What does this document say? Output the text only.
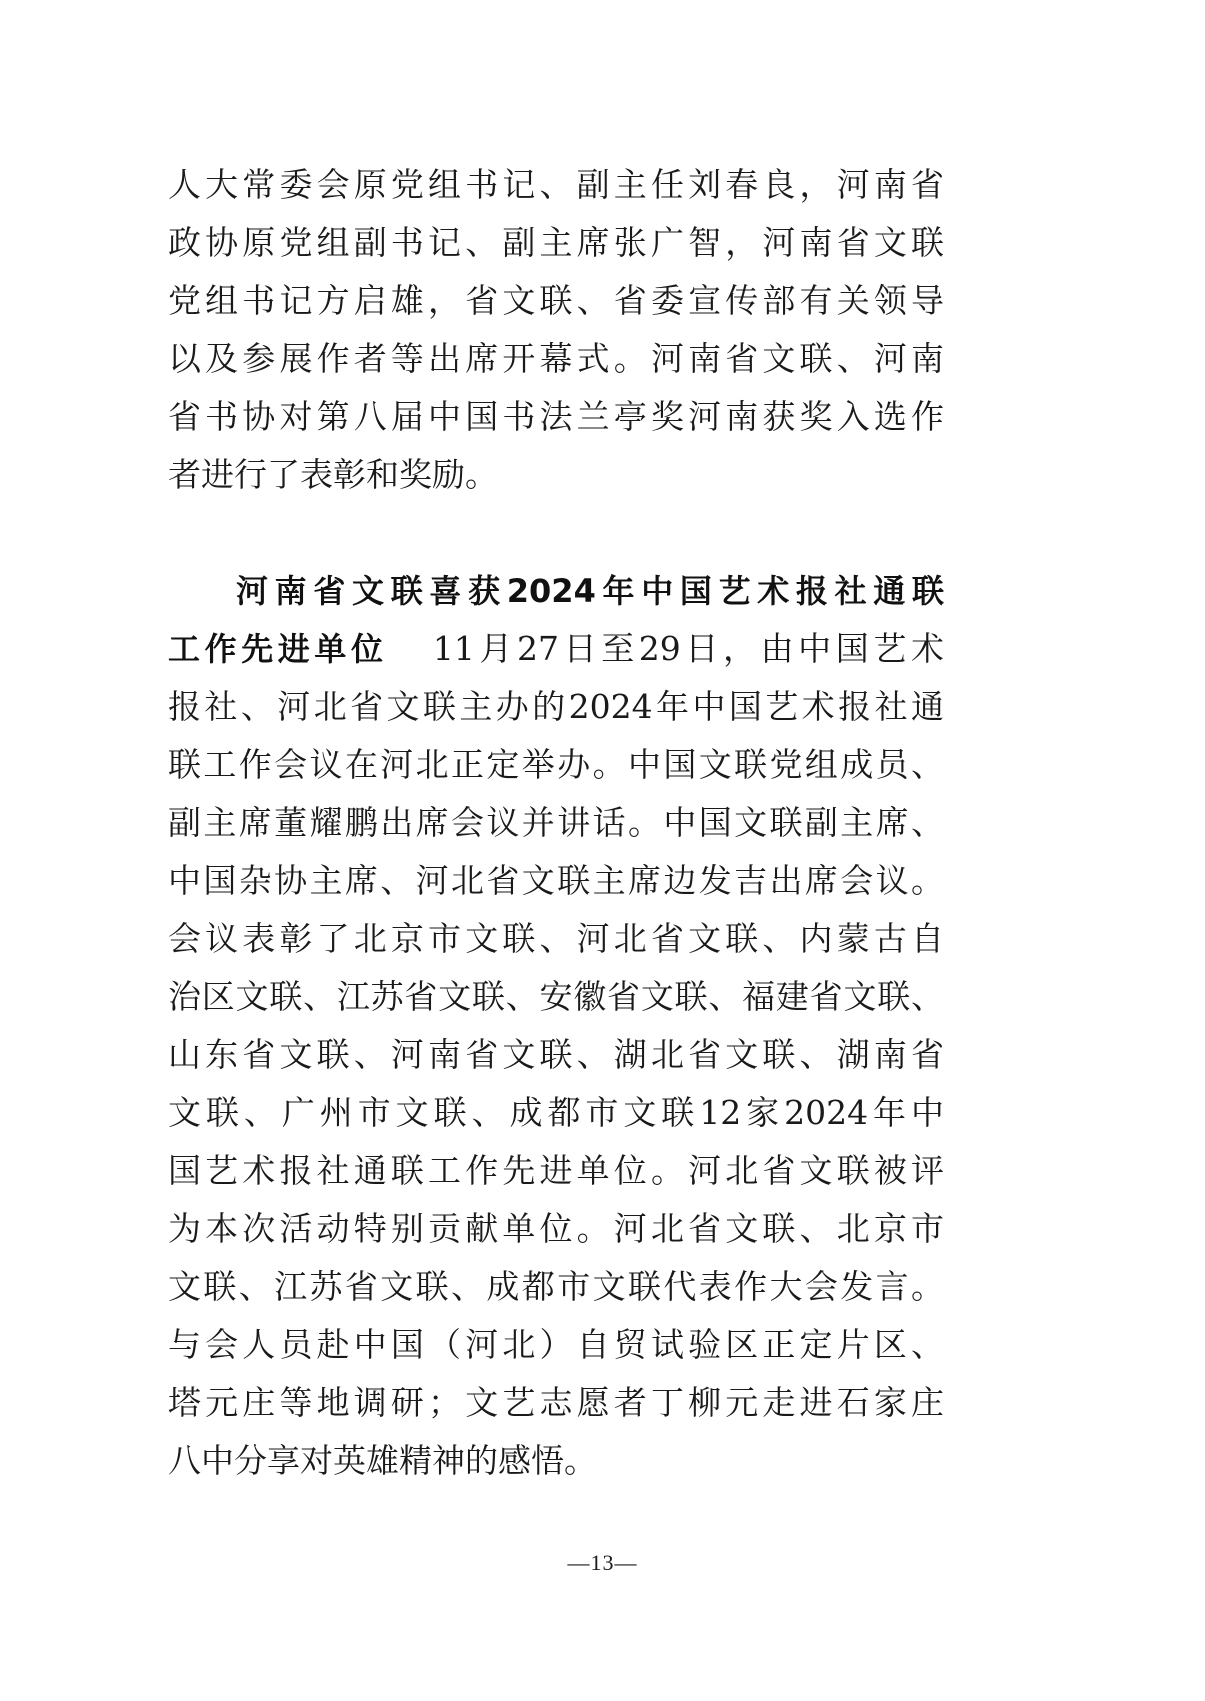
人大常委会原党组书记、副主任刘春良，河南省
政协原党组副书记、副主席张广智，河南省文联
党组书记方启雄，省文联、省委宣传部有关领导
以及参展作者等出席开幕式。河南省文联、河南
省书协对第八届中国书法兰亭奖河南获奖入选作
者进行了表彰和奖励。
河南省文联喜获2024年中国艺术报社通联
工作先进单位 11月27日至29日，由中国艺术
报社、河北省文联主办的2024年中国艺术报社通
联工作会议在河北正定举办。中国文联党组成员、
副主席董耀鹏出席会议并讲话。中国文联副主席、
中国杂协主席、河北省文联主席边发吉出席会议。
会议表彰了北京市文联、河北省文联、内蒙古自
治区文联、江苏省文联、安徽省文联、福建省文联、
山东省文联、河南省文联、湖北省文联、湖南省
文联、广州市文联、成都市文联12家2024年中
国艺术报社通联工作先进单位。河北省文联被评
为本次活动特别贡献单位。河北省文联、北京市
文联、江苏省文联、成都市文联代表作大会发言。
与会人员赴中国（河北）自贸试验区正定片区、
塔元庄等地调研；文艺志愿者丁柳元走进石家庄
八中分享对英雄精神的感悟。
—13—
